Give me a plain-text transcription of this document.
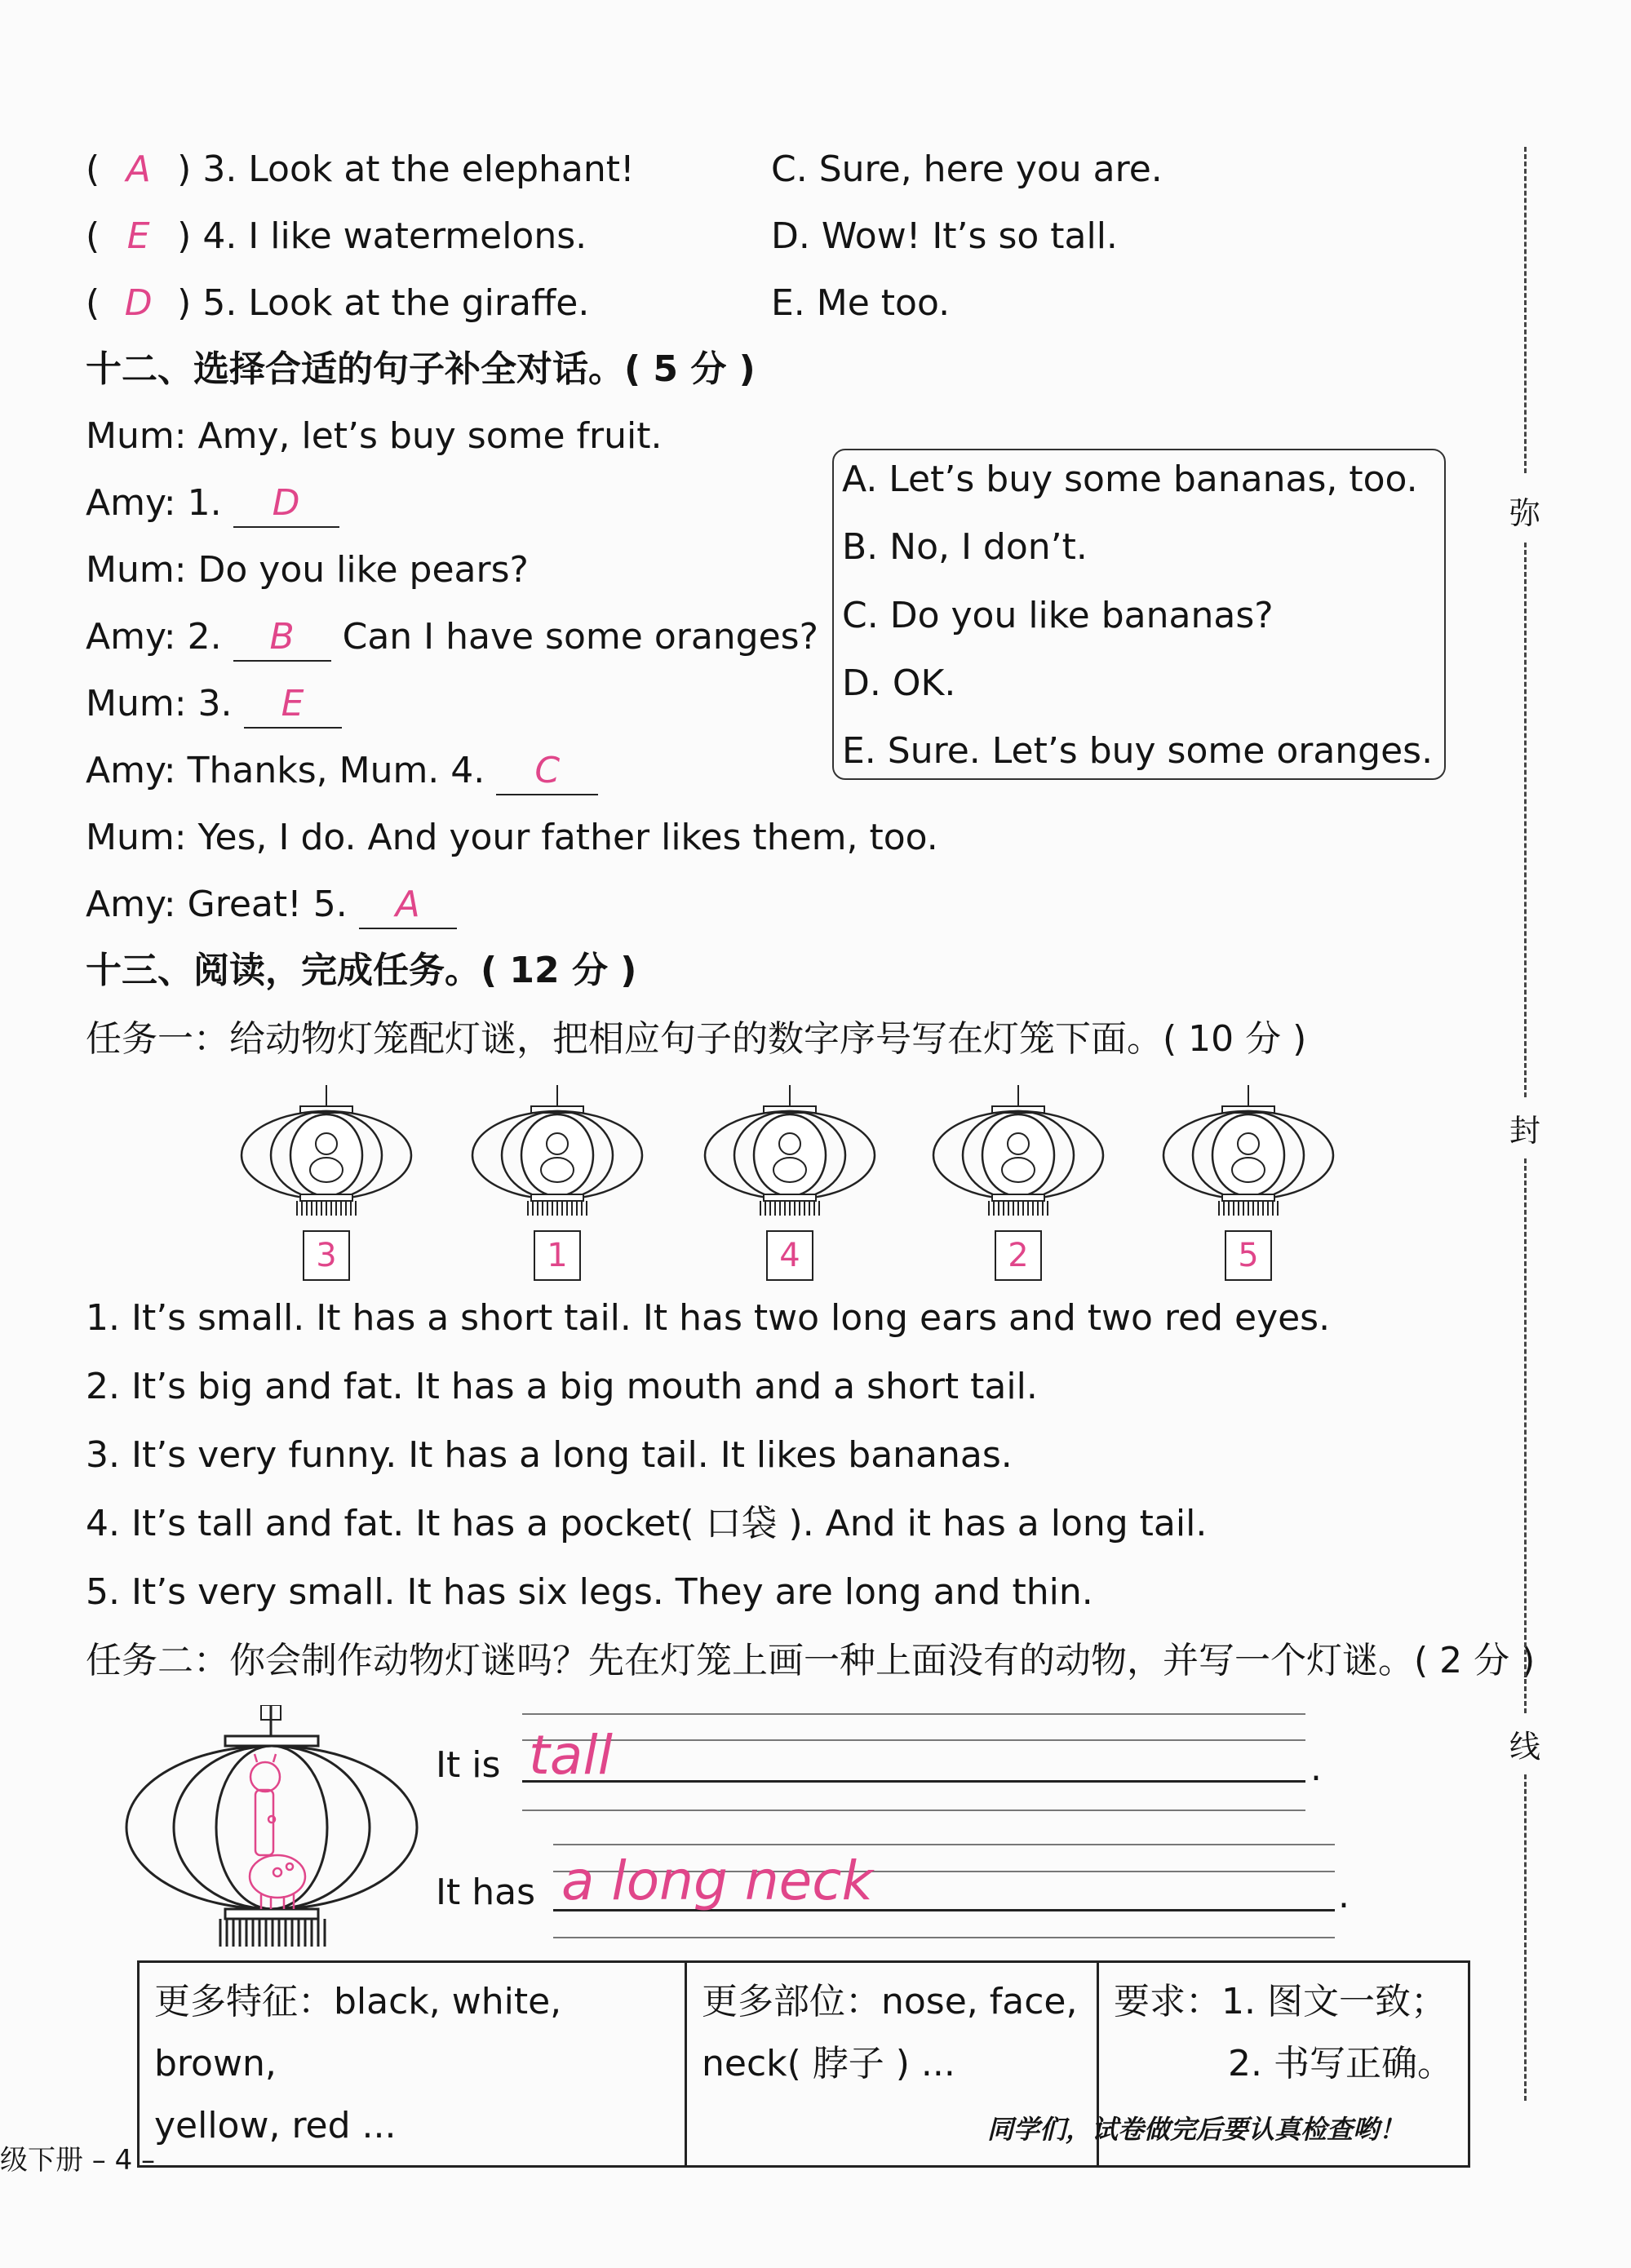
( A ) 3. Look at the elephant!
( E ) 4. I like watermelons.
( D ) 5. Look at the giraffe.
C. Sure, here you are.
D. Wow! It’s so tall.
E. Me too.
十二、选择合适的句子补全对话。( 5 分 )
Mum: Amy, let’s buy some fruit.
Amy: 1. D
Mum: Do you like pears?
Amy: 2. B Can I have some oranges?
Mum: 3. E
Amy: Thanks, Mum. 4. C
Mum: Yes, I do. And your father likes them, too.
Amy: Great! 5. A
A. Let’s buy some bananas, too.
B. No, I don’t.
C. Do you like bananas?
D. OK.
E. Sure. Let’s buy some oranges.
十三、阅读，完成任务。( 12 分 )
任务一：给动物灯笼配灯谜，把相应句子的数字序号写在灯笼下面。( 10 分 )
3	1	4	2	5
1. It’s small. It has a short tail. It has two long ears and two red eyes.
2. It’s big and fat. It has a big mouth and a short tail.
3. It’s very funny. It has a long tail. It likes bananas.
4. It’s tall and fat. It has a pocket( 口袋 ). And it has a long tail.
5. It’s very small. It has six legs. They are long and thin.
任务二：你会制作动物灯谜吗？先在灯笼上画一种上面没有的动物，并写一个灯谜。( 2 分 )
It is tall	.
It has a long neck	.
更多特征：black, white, brown,
yellow, red ...

更多部位：nose, face,
neck( 脖子 ) ...

要求：1. 图文一致；
2. 书写正确。
弥
封
线
级下册 – 4 –
同学们，试卷做完后要认真检查哟！
